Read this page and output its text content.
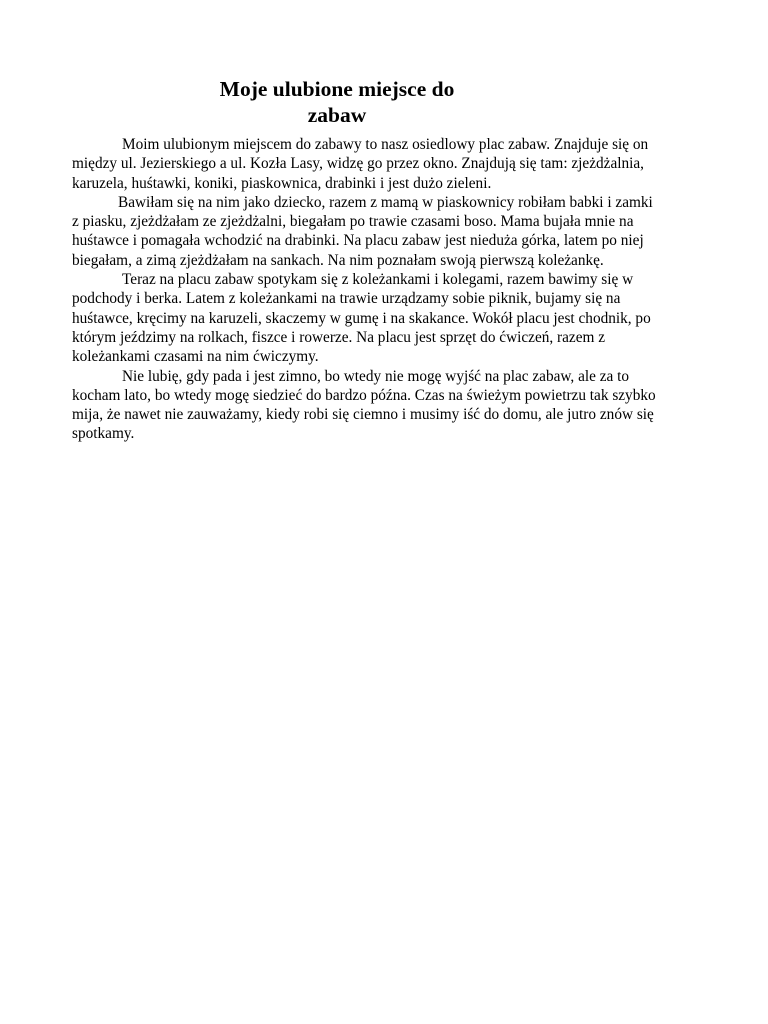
Moje ulubione miejsce do
zabaw

Moim ulubionym miejscem do zabawy to nasz osiedlowy plac zabaw. Znajduje się on
między ul. Jezierskiego a ul. Kozła Lasy, widzę go przez okno. Znajdują się tam: zjeżdżalnia,
karuzela, huśtawki, koniki, piaskownica, drabinki i jest dużo zieleni.

Bawiłam się na nim jako dziecko, razem z mamą w piaskownicy robiłam babki i zamki
z piasku, zjeżdżałam ze zjeżdżalni, biegałam po trawie czasami boso. Mama bujała mnie na
huśtawce i pomagała wchodzić na drabinki. Na placu zabaw jest nieduża górka, latem po niej
biegałam, a zimą zjeżdżałam na sankach. Na nim poznałam swoją pierwszą koleżankę.

Teraz na placu zabaw spotykam się z koleżankami i kolegami, razem bawimy się w
podchody i berka. Latem z koleżankami na trawie urządzamy sobie piknik, bujamy się na
huśtawce, kręcimy na karuzeli, skaczemy w gumę i na skakance. Wokół placu jest chodnik, po
którym jeździmy na rolkach, fiszce i rowerze. Na placu jest sprzęt do ćwiczeń, razem z
koleżankami czasami na nim ćwiczymy.

Nie lubię, gdy pada i jest zimno, bo wtedy nie mogę wyjść na plac zabaw, ale za to
kocham lato, bo wtedy mogę siedzieć do bardzo późna. Czas na świeżym powietrzu tak szybko
mija, że nawet nie zauważamy, kiedy robi się ciemno i musimy iść do domu, ale jutro znów się
spotkamy.
